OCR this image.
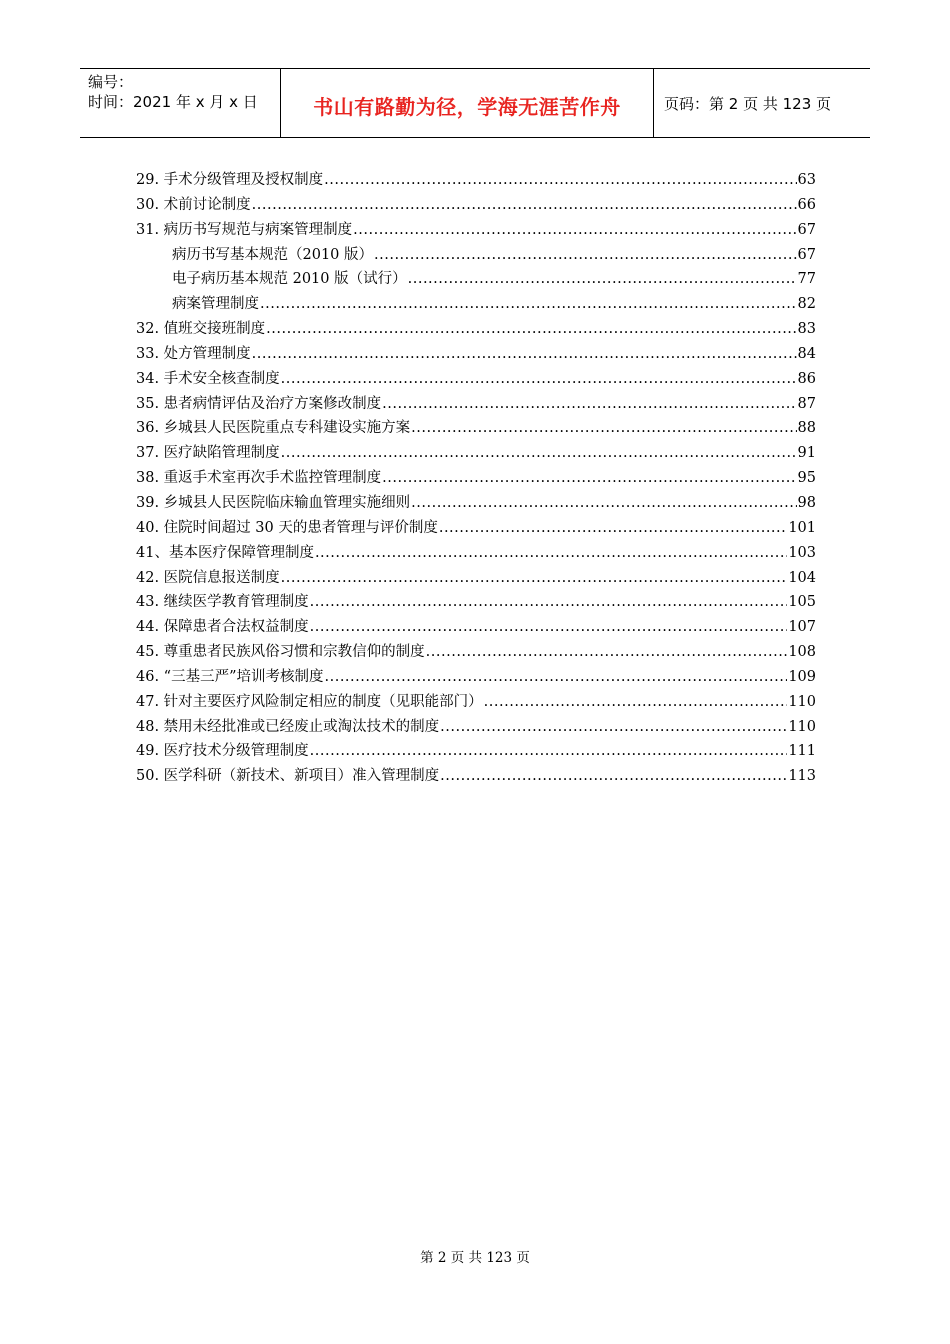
编号：
时间：2021 年 x 月 x 日	书山有路勤为径，学海无涯苦作舟	页码：第 2 页 共 123 页
29. 手术分级管理及授权制度 .....	63
30. 术前讨论制度 .....	66
31. 病历书写规范与病案管理制度 .....	67
病历书写基本规范（2010 版） .....	67
电子病历基本规范 2010 版（试行） .....	77
病案管理制度 .....	82
32. 值班交接班制度 .....	83
33. 处方管理制度 .....	84
34. 手术安全核查制度 .....	86
35. 患者病情评估及治疗方案修改制度 .....	87
36. 乡城县人民医院重点专科建设实施方案 .....	88
37. 医疗缺陷管理制度 .....	91
38. 重返手术室再次手术监控管理制度 .....	95
39. 乡城县人民医院临床输血管理实施细则 .....	98
40. 住院时间超过 30 天的患者管理与评价制度 .....	101
41、基本医疗保障管理制度 .....	103
42. 医院信息报送制度 .....	104
43. 继续医学教育管理制度 .....	105
44. 保障患者合法权益制度 .....	107
45. 尊重患者民族风俗习惯和宗教信仰的制度 .....	108
46. “三基三严”培训考核制度 .....	109
47. 针对主要医疗风险制定相应的制度（见职能部门） .....	110
48. 禁用未经批准或已经废止或淘汰技术的制度 .....	110
49. 医疗技术分级管理制度 .....	111
50. 医学科研（新技术、新项目）准入管理制度 .....	113
第 2 页 共 123 页
